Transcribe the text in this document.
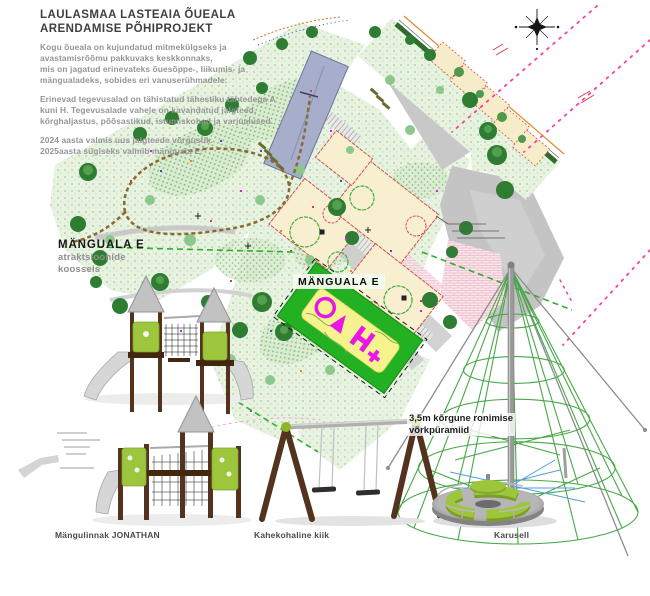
LAULASMAA LASTEAIA ÕUEALA
ARENDAMISE PÕHIPROJEKT
Kogu õueala on kujundatud mitmekülgseks ja
avastamisrõõmu pakkuvaks keskkonnaks,
mis on jagatud erinevateks õuesõppe-, liikumis- ja
mängualadeks, sobides eri vanuserühmadele.
Erinevad tegevusalad on tähistatud tähestiku tähtedega A
kuni H. Tegevusalade vahele on kavandatud jalgteed,
kõrghaljastus, põõsastikud, istumiskohad ja varjualused.
2024 aasta valmis uus jalgteede võrgustik.
2025aasta sügiseks valmib mänguala E.
MÄNGUALA E
atraktsioonide
koosseis
MÄNGUALA E
3,5m kõrgune ronimise
võrkpüramiid
Mängulinnak JONATHAN	Kahekohaline kiik	Karusell
